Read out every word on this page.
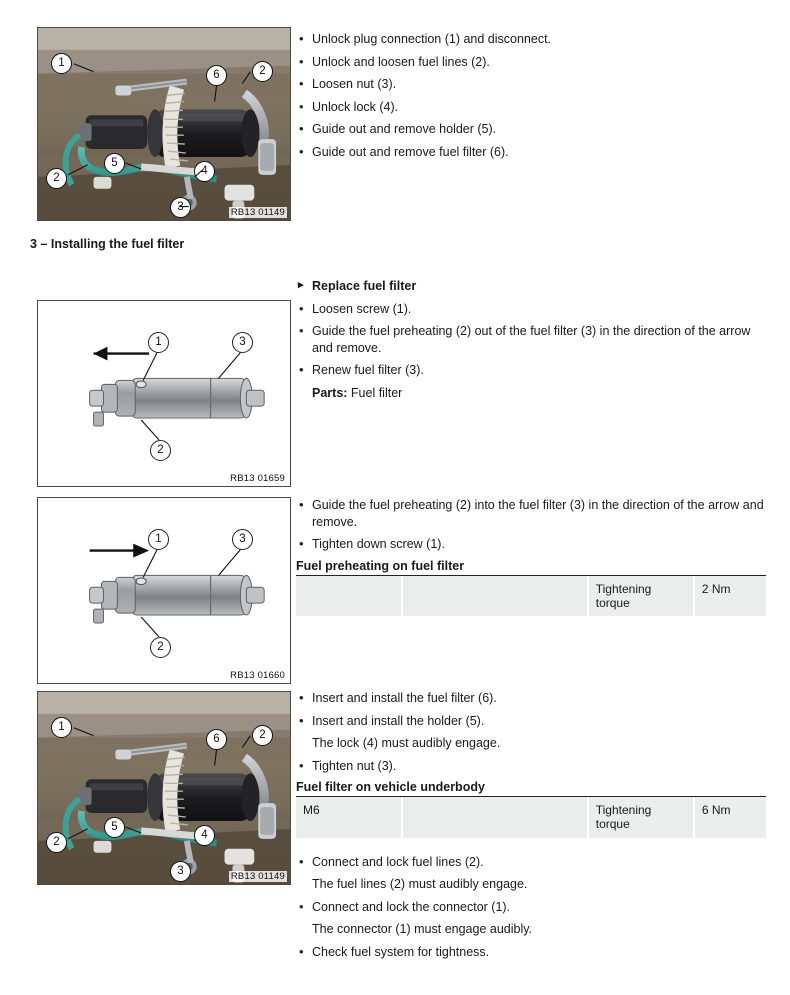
1
2
6
2
5
4
3	RB13 01149
• Unlock plug connection (1) and disconnect.
• Unlock and loosen fuel lines (2).
• Loosen nut (3).
• Unlock lock (4).
• Guide out and remove holder (5).
• Guide out and remove fuel filter (6).
3 – Installing the fuel filter
1	3
2
RB13 01659
▸ Replace fuel filter
• Loosen screw (1).
• Guide the fuel preheating (2) out of the fuel filter (3) in the direction of the arrow and remove.
• Renew fuel filter (3).
Parts: Fuel filter
1	3
2
RB13 01660
• Guide the fuel preheating (2) into the fuel filter (3) in the direction of the arrow and remove.
• Tighten down screw (1).
Fuel preheating on fuel filter
		Tightening torque	2 Nm
1
2
6
2
5
4
3	RB13 01149
• Insert and install the fuel filter (6).
• Insert and install the holder (5).
The lock (4) must audibly engage.
• Tighten nut (3).
Fuel filter on vehicle underbody
M6		Tightening torque	6 Nm
• Connect and lock fuel lines (2).
The fuel lines (2) must audibly engage.
• Connect and lock the connector (1).
The connector (1) must engage audibly.
• Check fuel system for tightness.
